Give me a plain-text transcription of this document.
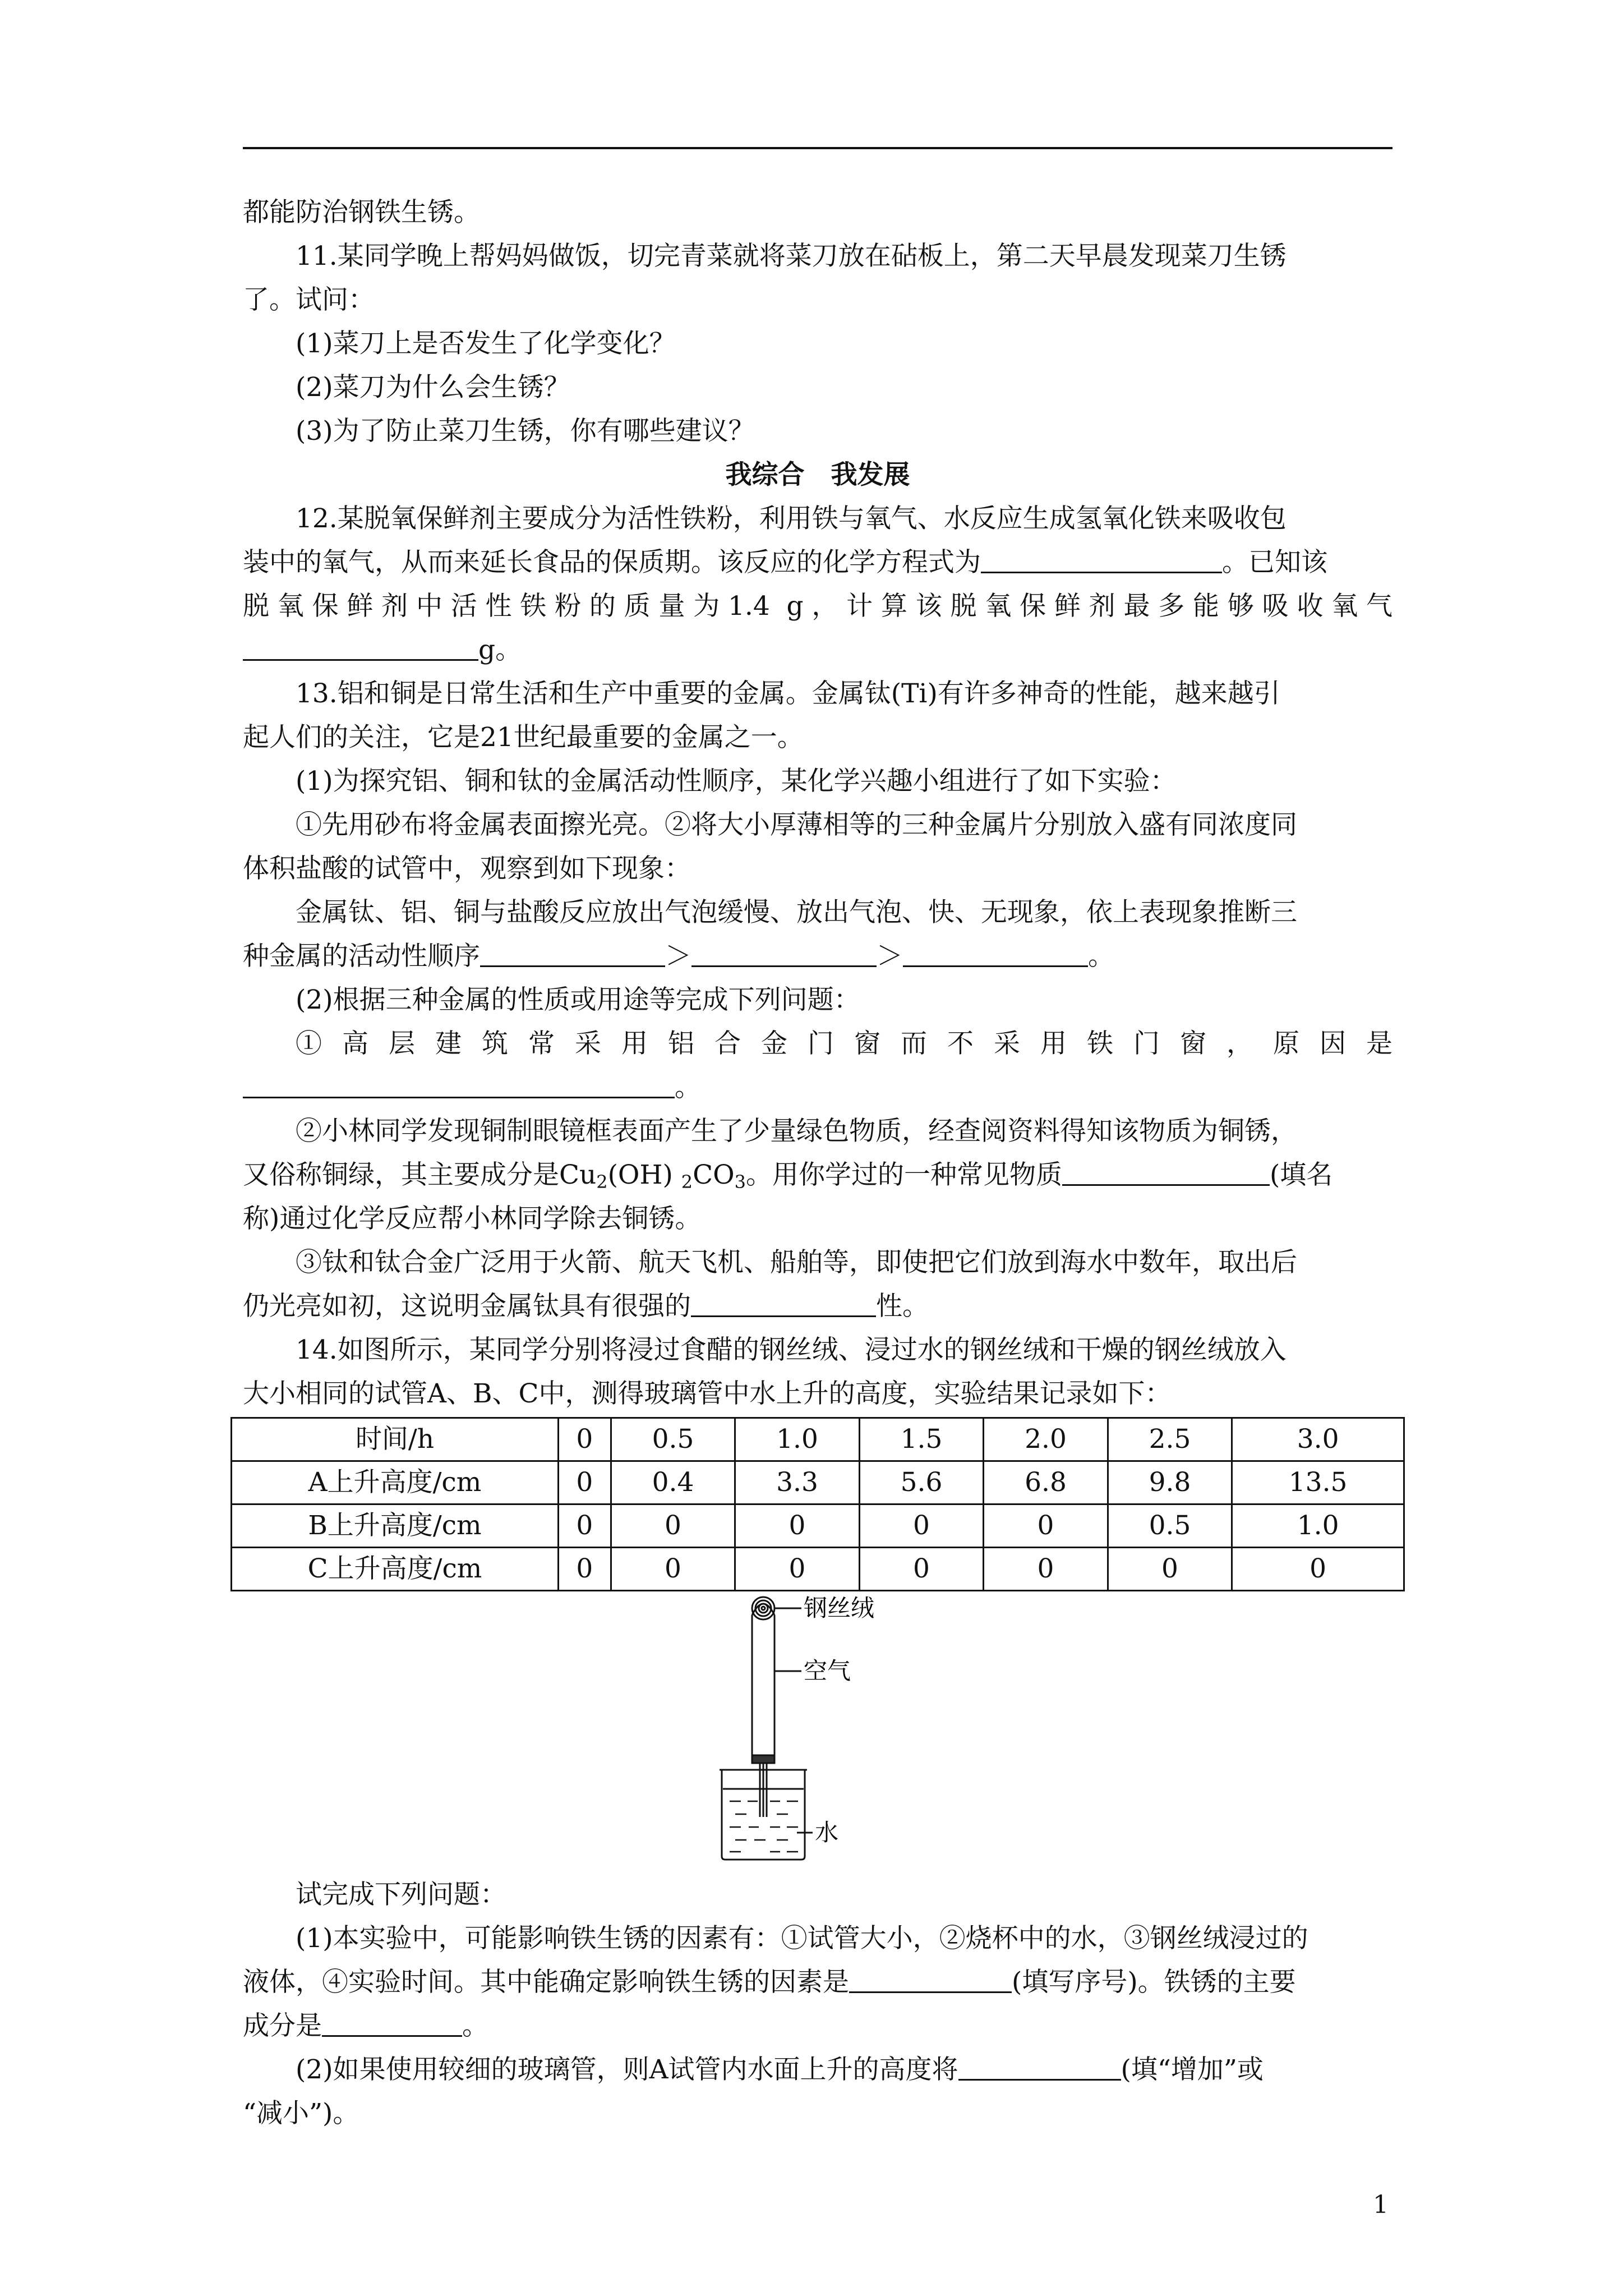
都能防治钢铁生锈。

11.某同学晚上帮妈妈做饭，切完青菜就将菜刀放在砧板上，第二天早晨发现菜刀生锈

了。试问：

(1)菜刀上是否发生了化学变化？

(2)菜刀为什么会生锈？

(3)为了防止菜刀生锈，你有哪些建议？

我综合　我发展

12.某脱氧保鲜剂主要成分为活性铁粉，利用铁与氧气、水反应生成氢氧化铁来吸收包

装中的氧气，从而来延长食品的保质期。该反应的化学方程式为	。已知该

脱氧保鲜剂中活性铁粉的质量为1.4 g，计算该脱氧保鲜剂最多能够吸收氧气

g。

13.铝和铜是日常生活和生产中重要的金属。金属钛(Ti)有许多神奇的性能，越来越引

起人们的关注，它是21世纪最重要的金属之一。

(1)为探究铝、铜和钛的金属活动性顺序，某化学兴趣小组进行了如下实验：

①先用砂布将金属表面擦光亮。②将大小厚薄相等的三种金属片分别放入盛有同浓度同

体积盐酸的试管中，观察到如下现象：

金属钛、铝、铜与盐酸反应放出气泡缓慢、放出气泡、快、无现象，依上表现象推断三

种金属的活动性顺序	＞	＞	。

(2)根据三种金属的性质或用途等完成下列问题：

①高层建筑常采用铝合金门窗而不采用铁门窗，原因是

。

②小林同学发现铜制眼镜框表面产生了少量绿色物质，经查阅资料得知该物质为铜锈，

又俗称铜绿，其主要成分是$Cu_2(OH)$ $_2CO_3$。用你学过的一种常见物质	(填名

称)通过化学反应帮小林同学除去铜锈。

③钛和钛合金广泛用于火箭、航天飞机、船舶等，即使把它们放到海水中数年，取出后

仍光亮如初，这说明金属钛具有很强的	性。

14.如图所示，某同学分别将浸过食醋的钢丝绒、浸过水的钢丝绒和干燥的钢丝绒放入

大小相同的试管A、B、C中，测得玻璃管中水上升的高度，实验结果记录如下：

时间/h	0	0.5	1.0	1.5	2.0	2.5	3.0
A上升高度/cm	0	0.4	3.3	5.6	6.8	9.8	13.5
B上升高度/cm	0	0	0	0	0	0.5	1.0
C上升高度/cm	0	0	0	0	0	0	0
钢丝绒
空气
水

试完成下列问题：

(1)本实验中，可能影响铁生锈的因素有：①试管大小，②烧杯中的水，③钢丝绒浸过的

液体，④实验时间。其中能确定影响铁生锈的因素是	(填写序号)。铁锈的主要

成分是	。

(2)如果使用较细的玻璃管，则A试管内水面上升的高度将	(填“增加”或

“减小”)。

1
